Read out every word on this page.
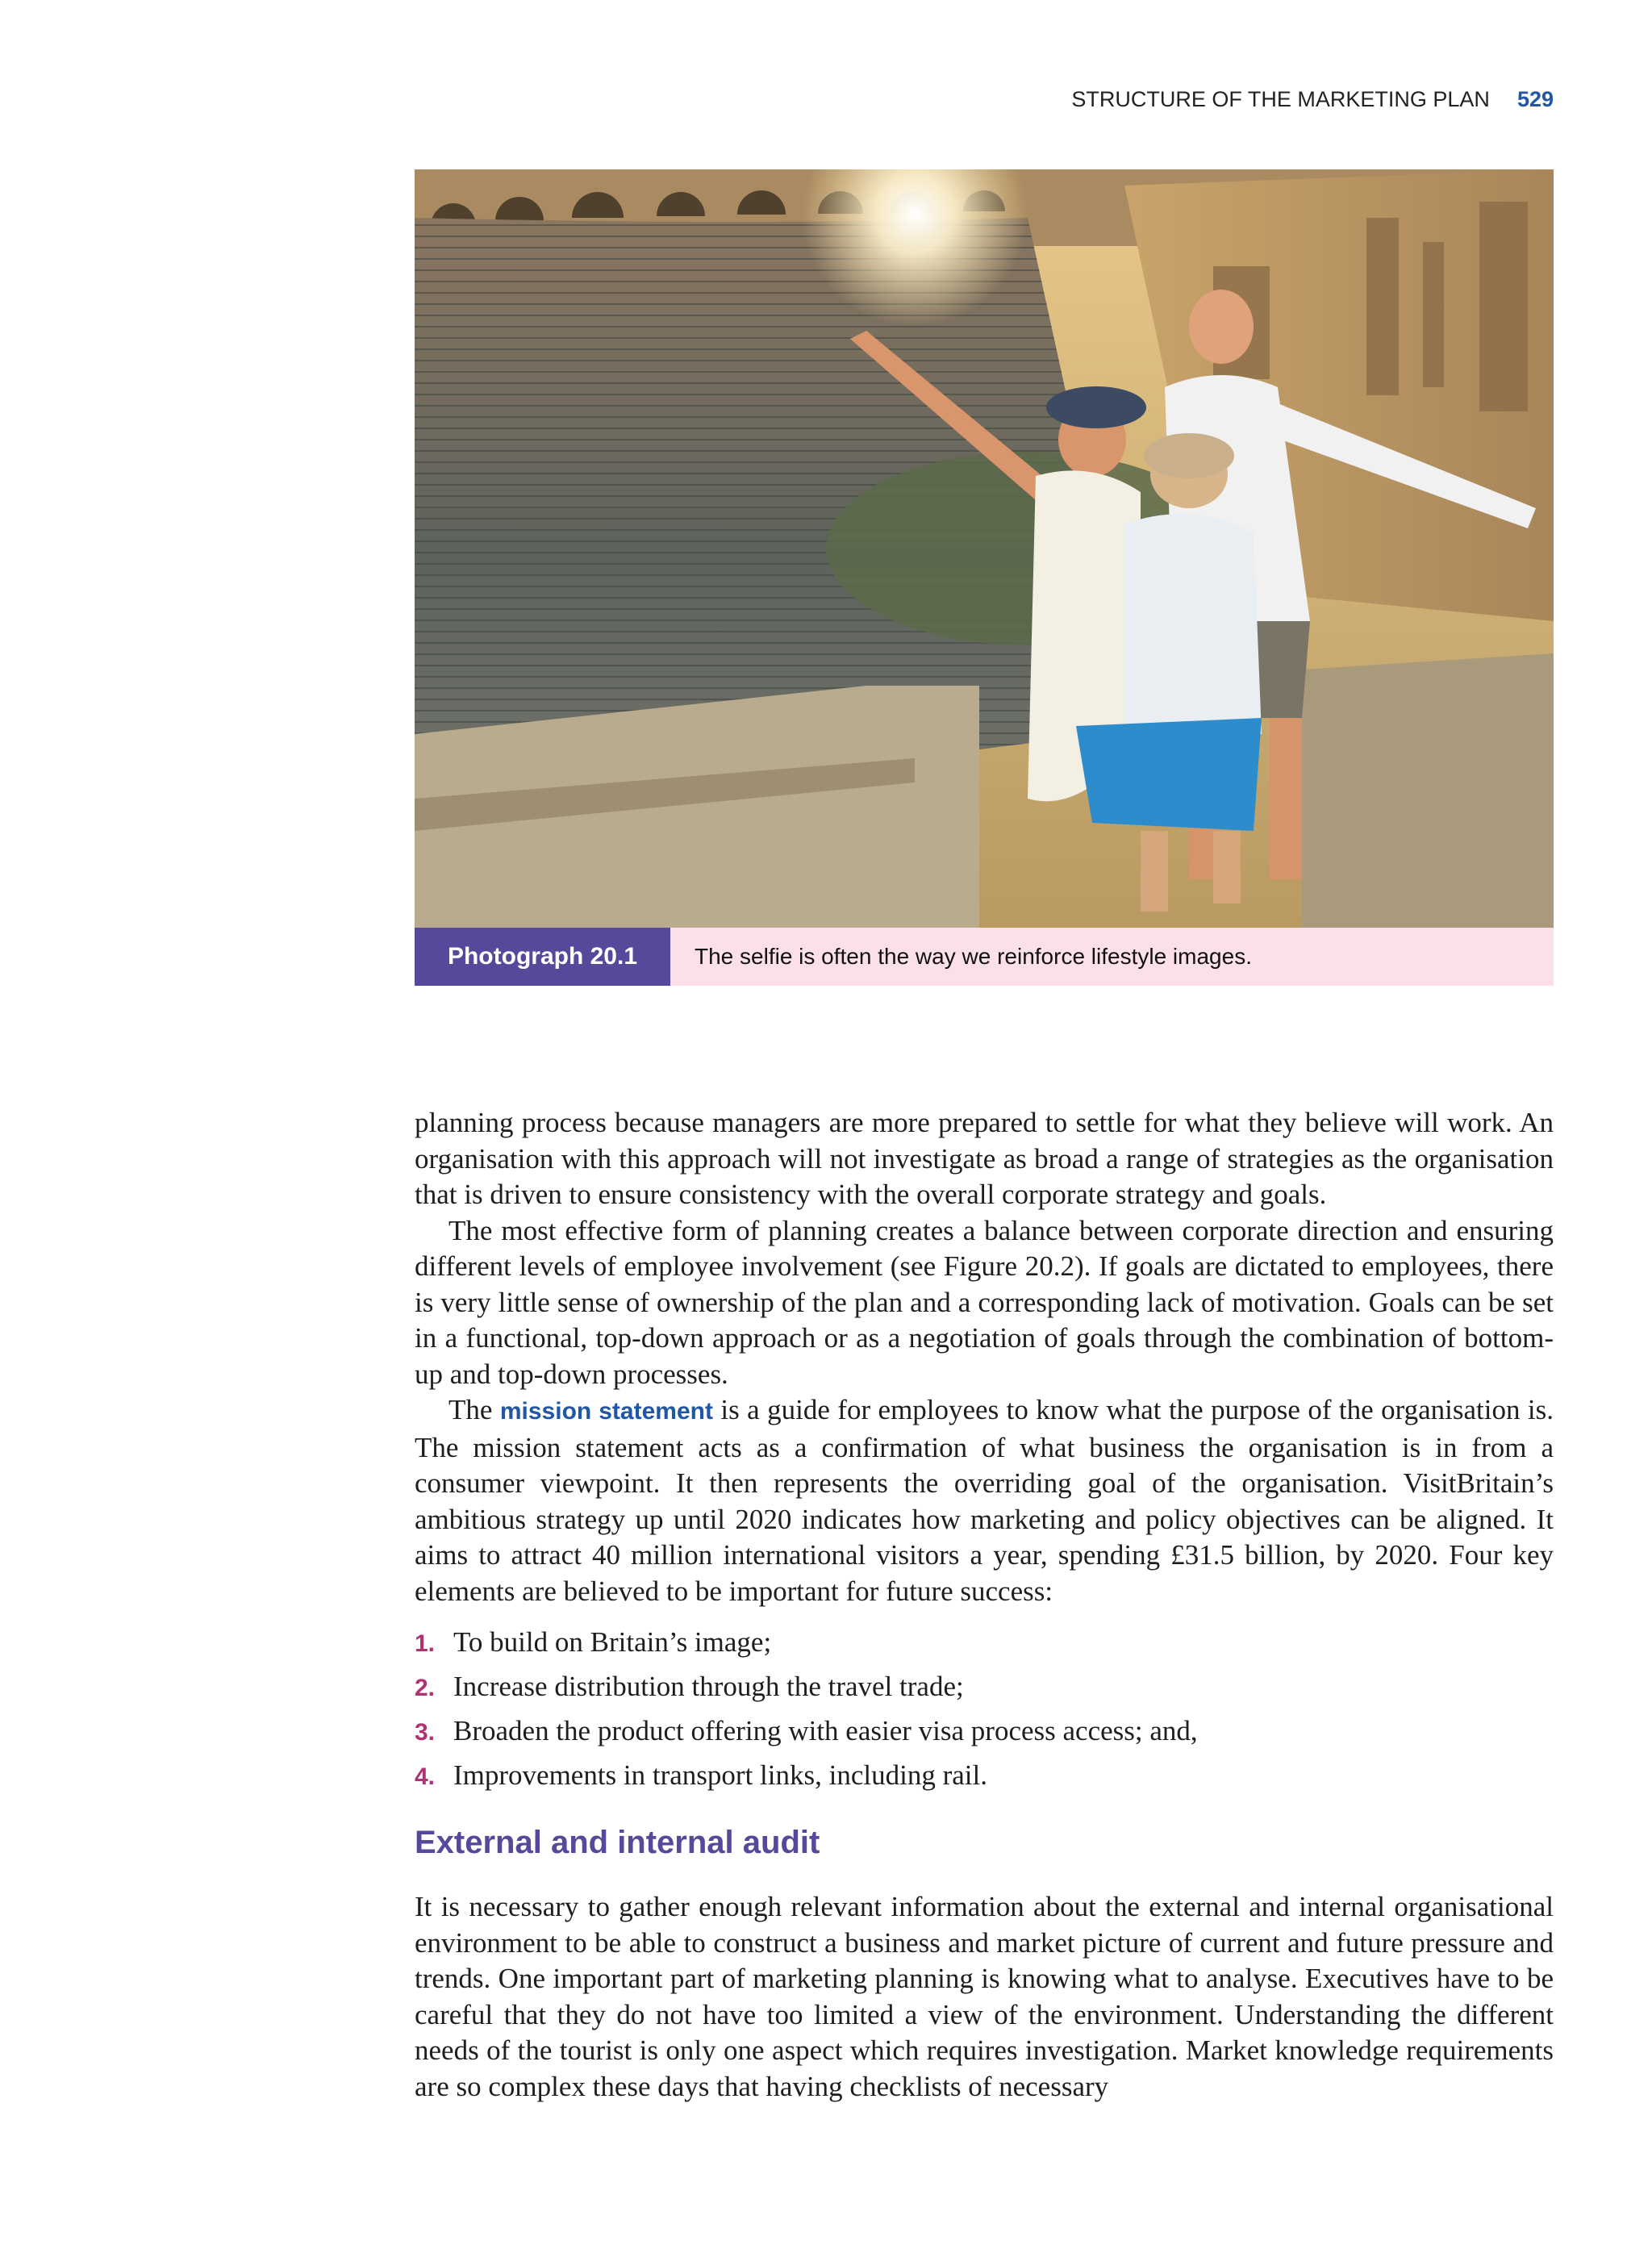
STRUCTURE OF THE MARKETING PLAN 529
Photograph 20.1	The selfie is often the way we reinforce lifestyle images.

planning process because managers are more prepared to settle for what they believe will work. An organisation with this approach will not investigate as broad a range of strategies as the organisation that is driven to ensure consistency with the overall corporate strategy and goals.

The most effective form of planning creates a balance between corporate direction and ensuring different levels of employee involvement (see Figure 20.2). If goals are dictated to employees, there is very little sense of ownership of the plan and a corresponding lack of motivation. Goals can be set in a functional, top-down approach or as a negotiation of goals through the combination of bottom-up and top-down processes.

The mission statement is a guide for employees to know what the purpose of the organisation is. The mission statement acts as a confirmation of what business the organisation is in from a consumer viewpoint. It then represents the overriding goal of the organisation. VisitBritain’s ambitious strategy up until 2020 indicates how marketing and policy objectives can be aligned. It aims to attract 40 million international visitors a year, spending £31.5 billion, by 2020. Four key elements are believed to be important for future success:

1. To build on Britain’s image;
2. Increase distribution through the travel trade;
3. Broaden the product offering with easier visa process access; and,
4. Improvements in transport links, including rail.
External and internal audit

It is necessary to gather enough relevant information about the external and internal organisational environment to be able to construct a business and market picture of current and future pressure and trends. One important part of marketing planning is knowing what to analyse. Executives have to be careful that they do not have too limited a view of the environment. Understanding the different needs of the tourist is only one aspect which requires investigation. Market knowledge requirements are so complex these days that having checklists of necessary
